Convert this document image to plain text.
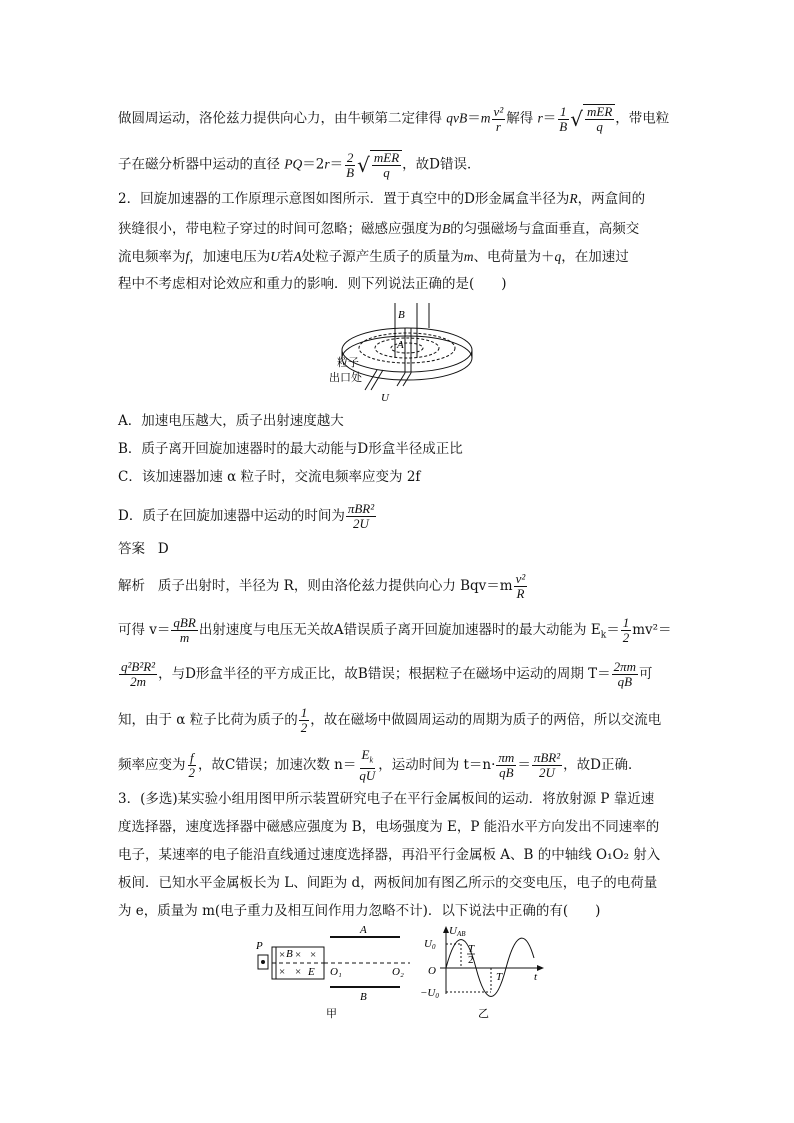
做圆周运动，洛伦兹力提供向心力，由牛顿第二定律得 $qvB=m \frac{\text{v²}}{r}$ 解得 $r= \frac{1}{B}$ √ $\frac{\text{mER}}{q}$ ，带电粒
子在磁分析器中运动的直径 $PQ=2r= \frac{2}{B}$ √ $\frac{\text{mER}}{q}$ ，故D错误．
2．回旋加速器的工作原理示意图如图所示．置于真空中的D形金属盒半径为R，两盒间的
狭缝很小，带电粒子穿过的时间可忽略；磁感应强度为B的匀强磁场与盒面垂直，高频交
流电频率为f，加速电压为U若A处粒子源产生质子的质量为m、电荷量为＋q，在加速过
程中不考虑相对论效应和重力的影响．则下列说法正确的是(　　)
B
A
粒子
出口处
U
A．加速电压越大，质子出射速度越大
B．质子离开回旋加速器时的最大动能与D形盒半径成正比
C．该加速器加速 α 粒子时，交流电频率应变为 2f
D．质子在回旋加速器中运动的时间为 $\frac{\text{πBR²}}{2U}$
答案 D
解析 质子出射时，半径为 R，则由洛伦兹力提供向心力 $Bqv=m \frac{\text{v²}}{R}$
可得 $v= \frac{\text{qBR}}{m}$ 出射速度与电压无关故A错误质子离开回旋加速器时的最大动能为 $E_k= \frac{1}{2} mv^2=$
$\frac{\text{q²B²R²}}{2m}$ ，与D形盒半径的平方成正比，故B错误；根据粒子在磁场中运动的周期 $T= \frac{2\pi m}{qB}$ 可
知，由于 α 粒子比荷为质子的 $\frac{1}{2}$ ，故在磁场中做圆周运动的周期为质子的两倍，所以交流电
频率应变为 $\frac{f}{2}$ ，故C错误；加速次数 $n= \frac{E_k}{qU}$ ，运动时间为 $t=n\cdot \frac{\pi m}{qB} = \frac{\text{πBR²}}{2U}$ ，故D正确．
3．(多选)某实验小组用图甲所示装置研究电子在平行金属板间的运动．将放射源 P 靠近速
度选择器，速度选择器中磁感应强度为 B，电场强度为 E，P 能沿水平方向发出不同速率的
电子，某速率的电子能沿直线通过速度选择器，再沿平行金属板 A、B 的中轴线 O₁O₂ 射入
板间．已知水平金属板长为 L、间距为 d，两板间加有图乙所示的交变电压，电子的电荷量
为 e，质量为 m(电子重力及相互间作用力忽略不计)．以下说法中正确的有(　　)
P
× × ×
× ×
B
E
A
B
O₁	O₂
甲
UAB
U0
O
−U0
T
2
T	t
乙
